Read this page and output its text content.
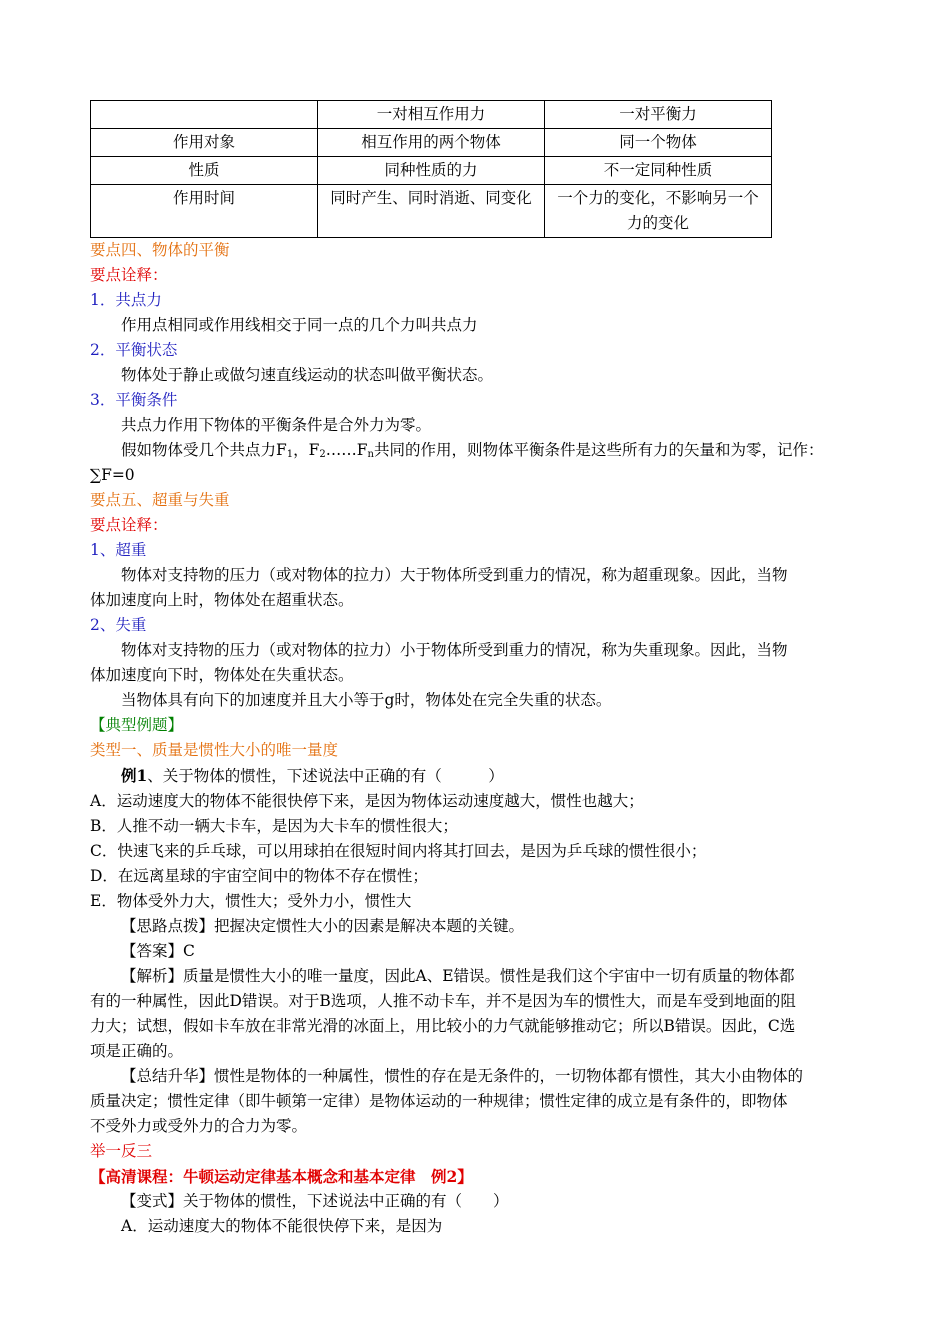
	一对相互作用力	一对平衡力
作用对象	相互作用的两个物体	同一个物体
性质	同种性质的力	不一定同种性质
作用时间	同时产生、同时消逝、同变化	一个力的变化，不影响另一个力的变化
要点四、物体的平衡
要点诠释：
1．共点力
作用点相同或作用线相交于同一点的几个力叫共点力
2．平衡状态
物体处于静止或做匀速直线运动的状态叫做平衡状态。
3．平衡条件
共点力作用下物体的平衡条件是合外力为零。
假如物体受几个共点力$F_1$，$F_2\dots\dots F_n$共同的作用，则物体平衡条件是这些所有力的矢量和为零，记作：
∑F=0
要点五、超重与失重
要点诠释：
1、超重
物体对支持物的压力（或对物体的拉力）大于物体所受到重力的情况，称为超重现象。因此，当物
体加速度向上时，物体处在超重状态。
2、失重
物体对支持物的压力（或对物体的拉力）小于物体所受到重力的情况，称为失重现象。因此，当物
体加速度向下时，物体处在失重状态。
当物体具有向下的加速度并且大小等于g时，物体处在完全失重的状态。
【典型例题】
类型一、质量是惯性大小的唯一量度
例1、关于物体的惯性，下述说法中正确的有（　　　）
A．运动速度大的物体不能很快停下来，是因为物体运动速度越大，惯性也越大；
B．人推不动一辆大卡车，是因为大卡车的惯性很大；
C．快速飞来的乒乓球，可以用球拍在很短时间内将其打回去，是因为乒乓球的惯性很小；
D．在远离星球的宇宙空间中的物体不存在惯性；
E．物体受外力大，惯性大；受外力小，惯性大
【思路点拨】把握决定惯性大小的因素是解决本题的关键。
【答案】C
【解析】质量是惯性大小的唯一量度，因此A、E错误。惯性是我们这个宇宙中一切有质量的物体都
有的一种属性，因此D错误。对于B选项，人推不动卡车，并不是因为车的惯性大，而是车受到地面的阻
力大；试想，假如卡车放在非常光滑的冰面上，用比较小的力气就能够推动它；所以B错误。因此，C选
项是正确的。
【总结升华】惯性是物体的一种属性，惯性的存在是无条件的，一切物体都有惯性，其大小由物体的
质量决定；惯性定律（即牛顿第一定律）是物体运动的一种规律；惯性定律的成立是有条件的，即物体
不受外力或受外力的合力为零。
举一反三
【高清课程：牛顿运动定律基本概念和基本定律　例2】
【变式】关于物体的惯性，下述说法中正确的有（　　）
A．运动速度大的物体不能很快停下来，是因为
